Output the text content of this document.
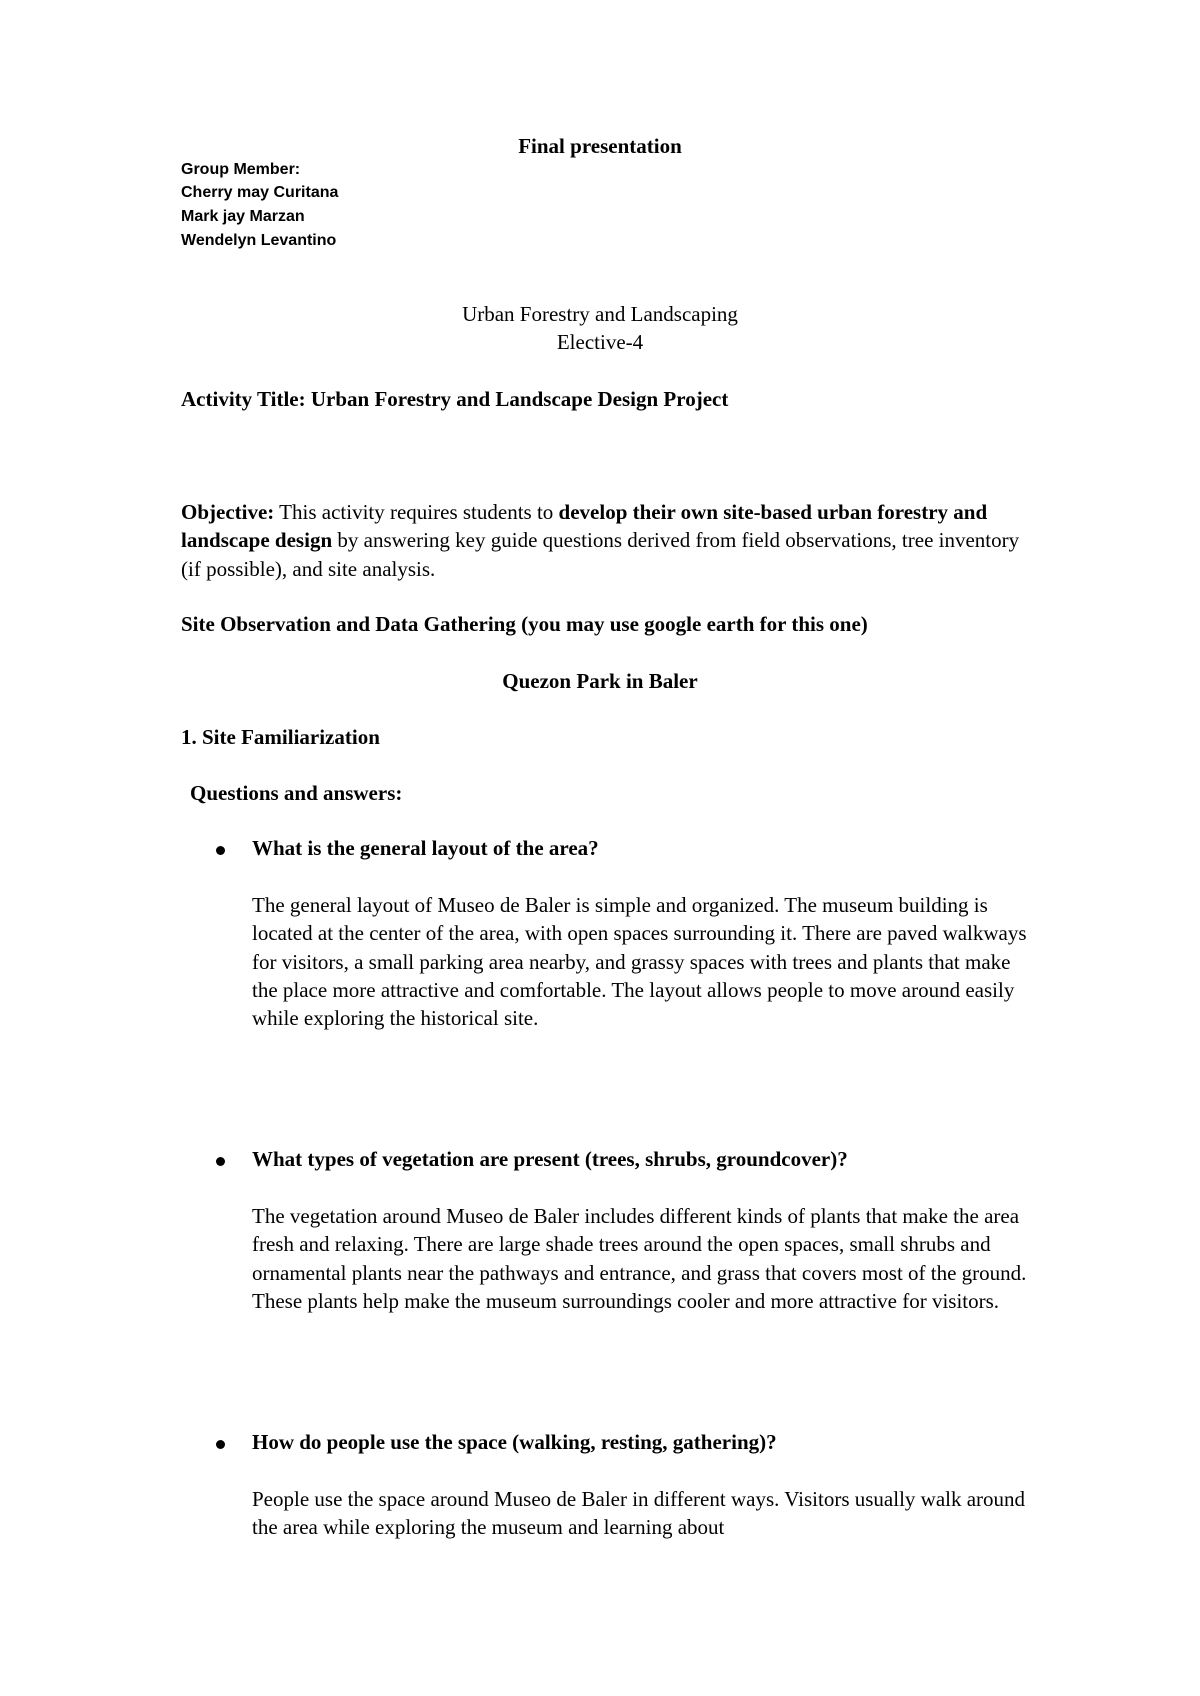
Final presentation
Group Member:
Cherry may Curitana
Mark jay Marzan
Wendelyn Levantino
Urban Forestry and Landscaping
Elective-4
Activity Title: Urban Forestry and Landscape Design Project
Objective: This activity requires students to develop their own site-based urban forestry and landscape design by answering key guide questions derived from field observations, tree inventory (if possible), and site analysis.
Site Observation and Data Gathering (you may use google earth for this one)
Quezon Park in Baler
1. Site Familiarization
Questions and answers:
What is the general layout of the area?
The general layout of Museo de Baler is simple and organized. The museum building is located at the center of the area, with open spaces surrounding it. There are paved walkways for visitors, a small parking area nearby, and grassy spaces with trees and plants that make the place more attractive and comfortable. The layout allows people to move around easily while exploring the historical site.
What types of vegetation are present (trees, shrubs, groundcover)?
The vegetation around Museo de Baler includes different kinds of plants that make the area fresh and relaxing. There are large shade trees around the open spaces, small shrubs and ornamental plants near the pathways and entrance, and grass that covers most of the ground. These plants help make the museum surroundings cooler and more attractive for visitors.
How do people use the space (walking, resting, gathering)?
People use the space around Museo de Baler in different ways. Visitors usually walk around the area while exploring the museum and learning about
